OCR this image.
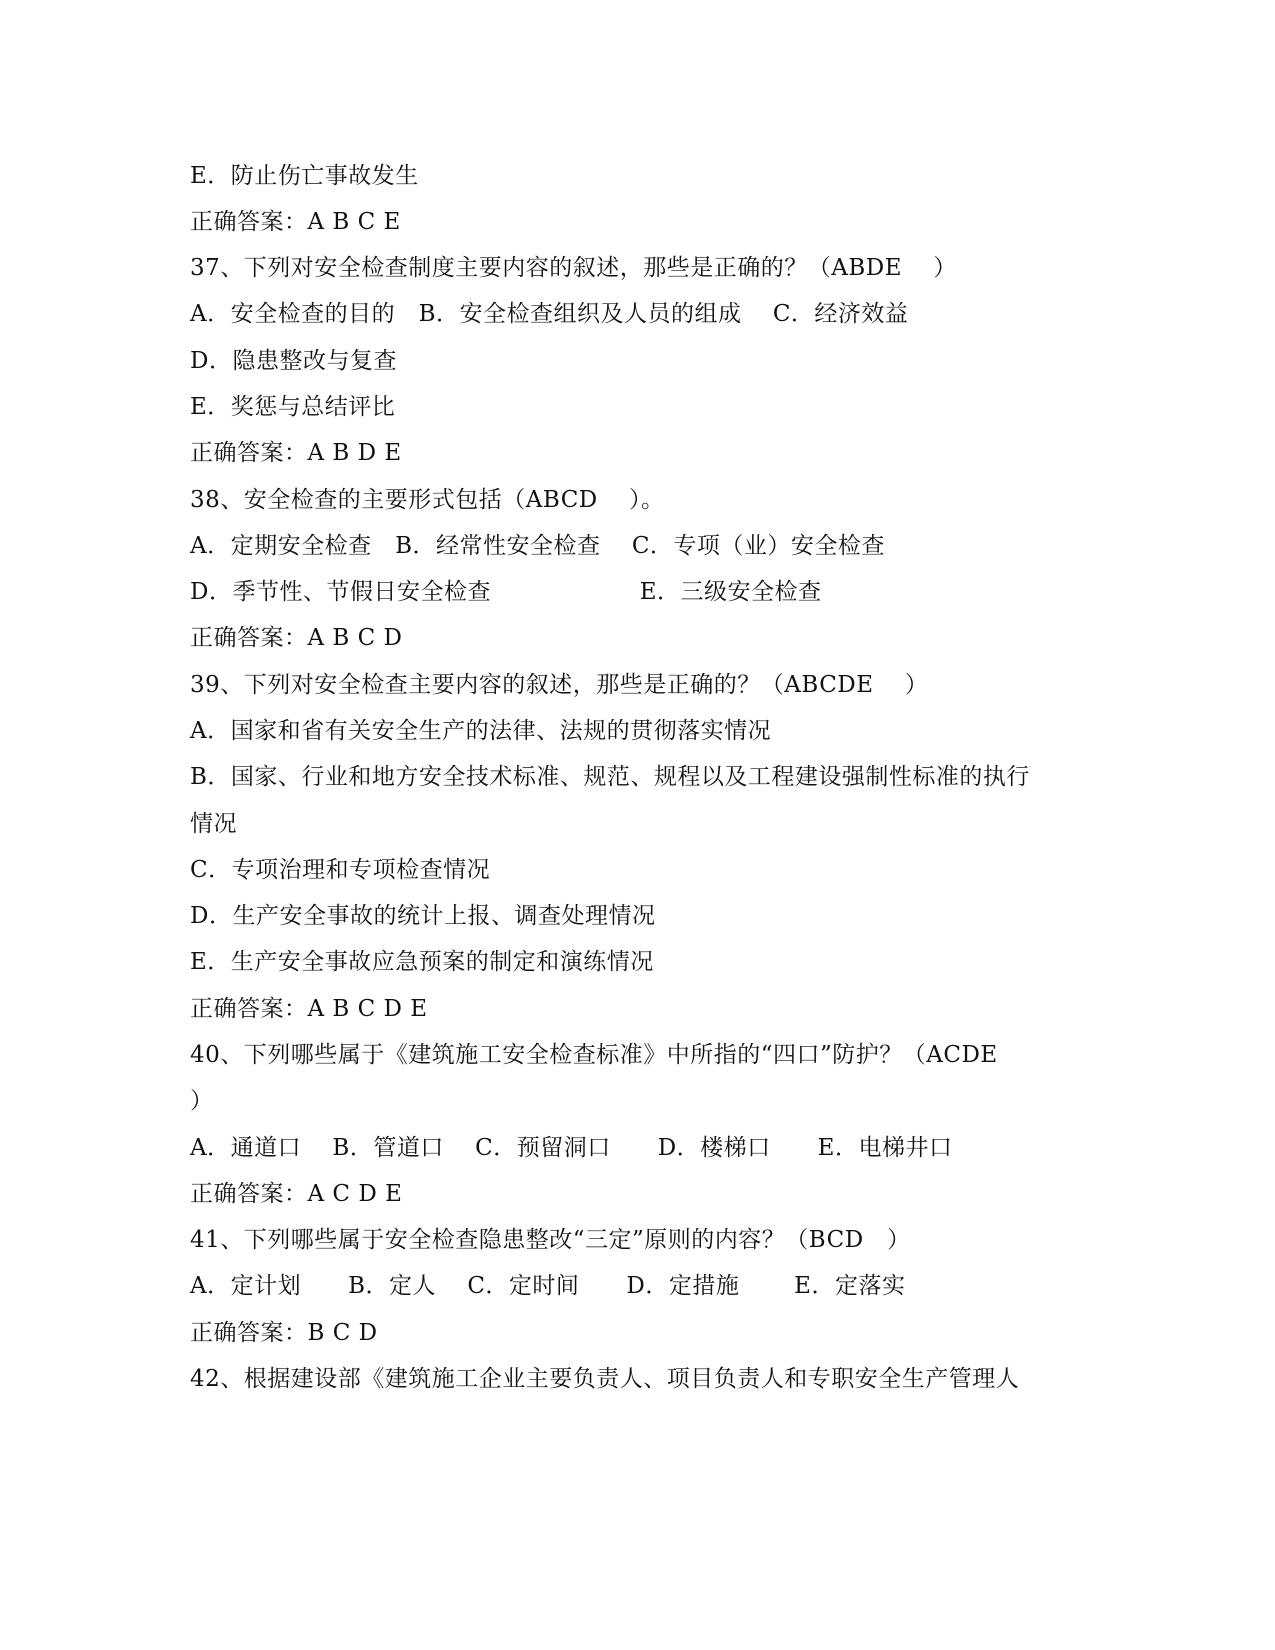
E．防止伤亡事故发生
正确答案：A B C E
37、下列对安全检查制度主要内容的叙述，那些是正确的？（ABDE　 ）
A．安全检查的目的　B．安全检查组织及人员的组成　 C．经济效益
D．隐患整改与复查
E．奖惩与总结评比
正确答案：A B D E
38、安全检查的主要形式包括（ABCD　 ）。
A．定期安全检查　B．经常性安全检查　 C．专项（业）安全检查
D．季节性、节假日安全检查　　　　　　 E．三级安全检查
正确答案：A B C D
39、下列对安全检查主要内容的叙述，那些是正确的？（ABCDE　 ）
A．国家和省有关安全生产的法律、法规的贯彻落实情况
B．国家、行业和地方安全技术标准、规范、规程以及工程建设强制性标准的执行
情况
C．专项治理和专项检查情况
D．生产安全事故的统计上报、调查处理情况
E．生产安全事故应急预案的制定和演练情况
正确答案：A B C D E
40、下列哪些属于《建筑施工安全检查标准》中所指的“四口”防护？（ACDE
）
A．通道口　 B．管道口　 C．预留洞口　　D．楼梯口　　E．电梯井口
正确答案：A C D E
41、下列哪些属于安全检查隐患整改“三定”原则的内容？（BCD　）
A．定计划　　B．定人　 C．定时间　　D．定措施　　 E．定落实
正确答案：B C D
42、根据建设部《建筑施工企业主要负责人、项目负责人和专职安全生产管理人
